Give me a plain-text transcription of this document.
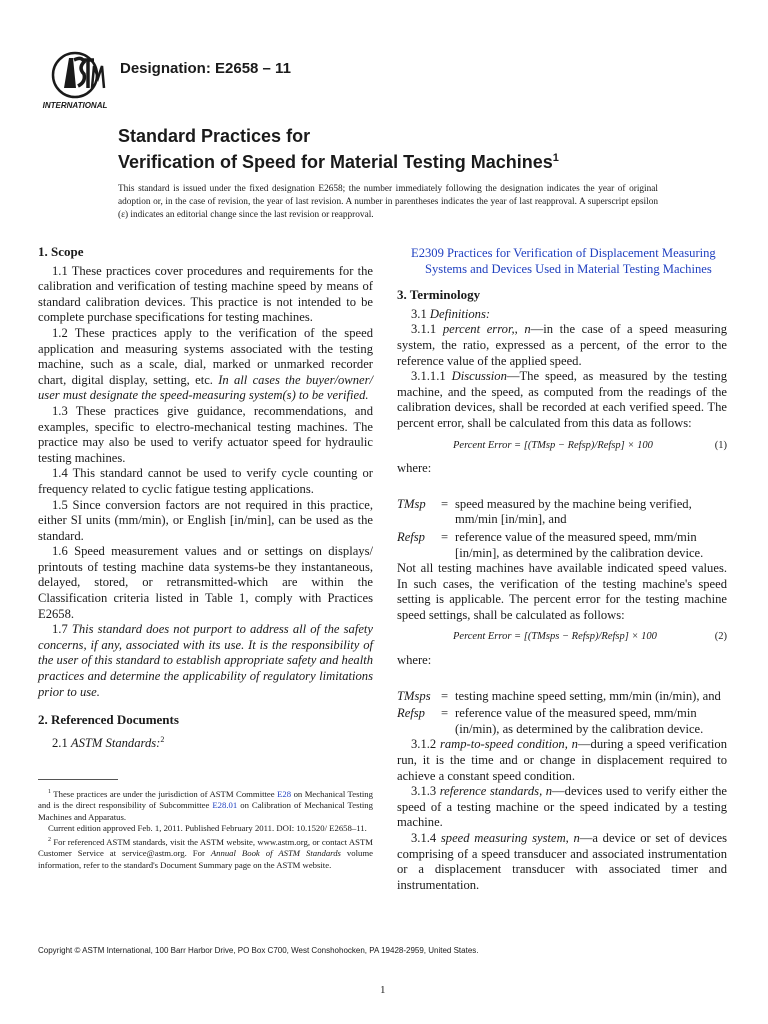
INTERNATIONAL
Designation: E2658 – 11
Standard Practices for
Verification of Speed for Material Testing Machines$^1$
This standard is issued under the fixed designation E2658; the number immediately following the designation indicates the year of original adoption or, in the case of revision, the year of last revision. A number in parentheses indicates the year of last reapproval. A superscript epsilon (ε) indicates an editorial change since the last revision or reapproval.

1. Scope

1.1 These practices cover procedures and requirements for the calibration and verification of testing machine speed by means of standard calibration devices. This practice is not intended to be complete purchase specifications for testing machines.

1.2 These practices apply to the verification of the speed application and measuring systems associated with the testing machine, such as a scale, dial, marked or unmarked recorder chart, digital display, setting, etc. In all cases the buyer/owner/ user must designate the speed-measuring system(s) to be verified.

1.3 These practices give guidance, recommendations, and examples, specific to electro-mechanical testing machines. The practice may also be used to verify actuator speed for hydraulic testing machines.

1.4 This standard cannot be used to verify cycle counting or frequency related to cyclic fatigue testing applications.

1.5 Since conversion factors are not required in this practice, either SI units (mm/min), or English [in/min], can be used as the standard.

1.6 Speed measurement values and or settings on displays/ printouts of testing machine data systems-be they instantaneous, delayed, stored, or retransmitted-which are within the Classification criteria listed in Table 1, comply with Practices E2658.

1.7 This standard does not purport to address all of the safety concerns, if any, associated with its use. It is the responsibility of the user of this standard to establish appropriate safety and health practices and determine the applicability of regulatory limitations prior to use.

2. Referenced Documents

2.1 ASTM Standards:$^2$

$^1$ These practices are under the jurisdiction of ASTM Committee E28 on Mechanical Testing and is the direct responsibility of Subcommittee E28.01 on Calibration of Mechanical Testing Machines and Apparatus.

Current edition approved Feb. 1, 2011. Published February 2011. DOI: 10.1520/ E2658–11.

$^2$ For referenced ASTM standards, visit the ASTM website, www.astm.org, or contact ASTM Customer Service at service@astm.org. For Annual Book of ASTM Standards volume information, refer to the standard's Document Summary page on the ASTM website.

E2309 Practices for Verification of Displacement Measuring Systems and Devices Used in Material Testing Machines

3. Terminology

3.1 Definitions:

3.1.1 percent error,, n—in the case of a speed measuring system, the ratio, expressed as a percent, of the error to the reference value of the applied speed.

3.1.1.1 Discussion—The speed, as measured by the testing machine, and the speed, as computed from the readings of the calibration devices, shall be recorded at each verified speed. The percent error, shall be calculated from this data as follows:

Percent Error = [(TMsp − Refsp)/Refsp] × 100	(1)

where:

TMsp	= speed measured by the machine being verified, mm/min [in/min], and
Refsp	= reference value of the measured speed, mm/min [in/min], as determined by the calibration device.

Not all testing machines have available indicated speed values. In such cases, the verification of the testing machine's speed setting is applicable. The percent error for the testing machine speed settings, shall be calculated as follows:

Percent Error = [(TMsps − Refsp)/Refsp] × 100	(2)

where:

TMsps = testing machine speed setting, mm/min (in/min), and
Refsp	= reference value of the measured speed, mm/min (in/min), as determined by the calibration device.

3.1.2 ramp-to-speed condition, n—during a speed verification run, it is the time and or change in displacement required to achieve a constant speed condition.

3.1.3 reference standards, n—devices used to verify either the speed of a testing machine or the speed indicated by a testing machine.

3.1.4 speed measuring system, n—a device or set of devices comprising of a speed transducer and associated instrumentation or a displacement transducer with associated timer and instrumentation.

Copyright © ASTM International, 100 Barr Harbor Drive, PO Box C700, West Conshohocken, PA 19428-2959, United States.
1
